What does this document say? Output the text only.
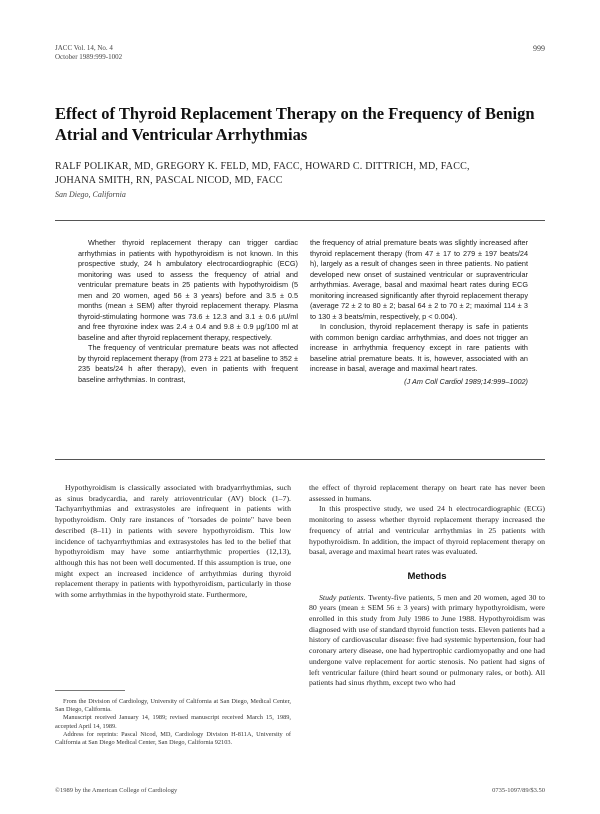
JACC Vol. 14, No. 4
October 1989:999-1002
999
Effect of Thyroid Replacement Therapy on the Frequency of Benign Atrial and Ventricular Arrhythmias
RALF POLIKAR, MD, GREGORY K. FELD, MD, FACC, HOWARD C. DITTRICH, MD, FACC,
JOHANA SMITH, RN, PASCAL NICOD, MD, FACC
San Diego, California

Whether thyroid replacement therapy can trigger cardiac arrhythmias in patients with hypothyroidism is not known. In this prospective study, 24 h ambulatory electrocardiographic (ECG) monitoring was used to assess the frequency of atrial and ventricular premature beats in 25 patients with hypothyroidism (5 men and 20 women, aged 56 ± 3 years) before and 3.5 ± 0.5 months (mean ± SEM) after thyroid replacement therapy. Plasma thyroid-stimulating hormone was 73.6 ± 12.3 and 3.1 ± 0.6 µU/ml and free thyroxine index was 2.4 ± 0.4 and 9.8 ± 0.9 µg/100 ml at baseline and after thyroid replacement therapy, respectively.

The frequency of ventricular premature beats was not affected by thyroid replacement therapy (from 273 ± 221 at baseline to 352 ± 235 beats/24 h after therapy), even in patients with frequent baseline arrhythmias. In contrast,

the frequency of atrial premature beats was slightly increased after thyroid replacement therapy (from 47 ± 17 to 279 ± 197 beats/24 h), largely as a result of changes seen in three patients. No patient developed new onset of sustained ventricular or supraventricular arrhythmias. Average, basal and maximal heart rates during ECG monitoring increased significantly after thyroid replacement therapy (average 72 ± 2 to 80 ± 2; basal 64 ± 2 to 70 ± 2; maximal 114 ± 3 to 130 ± 3 beats/min, respectively, p < 0.004).

In conclusion, thyroid replacement therapy is safe in patients with common benign cardiac arrhythmias, and does not trigger an increase in arrhythmia frequency except in rare patients with baseline atrial premature beats. It is, however, associated with an increase in basal, average and maximal heart rates.

(J Am Coll Cardiol 1989;14:999–1002)

Hypothyroidism is classically associated with bradyarrhythmias, such as sinus bradycardia, and rarely atrioventricular (AV) block (1–7). Tachyarrhythmias and extrasystoles are infrequent in patients with hypothyroidism. Only rare instances of "torsades de pointe" have been described (8–11) in patients with severe hypothyroidism. This low incidence of tachyarrhythmias and extrasystoles has led to the belief that hypothyroidism may have some antiarrhythmic properties (12,13), although this has not been well documented. If this assumption is true, one might expect an increased incidence of arrhythmias during thyroid replacement therapy in patients with hypothyroidism, particularly in those with some arrhythmias in the hypothyroid state. Furthermore,

From the Division of Cardiology, University of California at San Diego, Medical Center, San Diego, California.

Manuscript received January 14, 1989; revised manuscript received March 15, 1989, accepted April 14, 1989.

Address for reprints: Pascal Nicod, MD, Cardiology Division H-811A, University of California at San Diego Medical Center, San Diego, California 92103.

the effect of thyroid replacement therapy on heart rate has never been assessed in humans.

In this prospective study, we used 24 h electrocardiographic (ECG) monitoring to assess whether thyroid replacement therapy increased the frequency of atrial and ventricular arrhythmias in 25 patients with hypothyroidism. In addition, the impact of thyroid replacement therapy on basal, average and maximal heart rates was evaluated.

Methods

Study patients. Twenty-five patients, 5 men and 20 women, aged 30 to 80 years (mean ± SEM 56 ± 3 years) with primary hypothyroidism, were enrolled in this study from July 1986 to June 1988. Hypothyroidism was diagnosed with use of standard thyroid function tests. Eleven patients had a history of cardiovascular disease: five had systemic hypertension, four had coronary artery disease, one had hypertrophic cardiomyopathy and one had undergone valve replacement for aortic stenosis. No patient had signs of left ventricular failure (third heart sound or pulmonary rales, or both). All patients had sinus rhythm, except two who had

©1989 by the American College of Cardiology	0735-1097/89/$3.50
